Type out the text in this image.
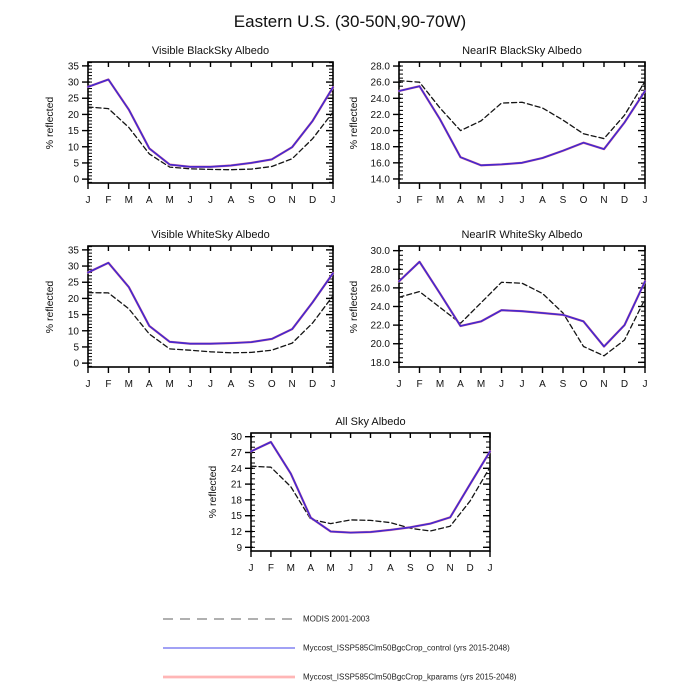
Eastern U.S. (30-50N,90-70W)
Visible BlackSky Albedo
% reflected
0
5
10
15
20
25
30
35
J F M A M J J A S O N D J
NearIR BlackSky Albedo
% reflected
14.0
16.0
18.0
20.0
22.0
24.0
26.0
28.0
J F M A M J J A S O N D J
Visible WhiteSky Albedo
% reflected
0
5
10
15
20
25
30
35
J F M A M J J A S O N D J
NearIR WhiteSky Albedo
% reflected
18.0
20.0
22.0
24.0
26.0
28.0
30.0
J F M A M J J A S O N D J
All Sky Albedo
% reflected
9
12
15
18
21
24
27
30
J F M A M J J A S O N D J
MODIS 2001-2003
Myccost_ISSP585Clm50BgcCrop_control (yrs 2015-2048)
Myccost_ISSP585Clm50BgcCrop_kparams (yrs 2015-2048)
